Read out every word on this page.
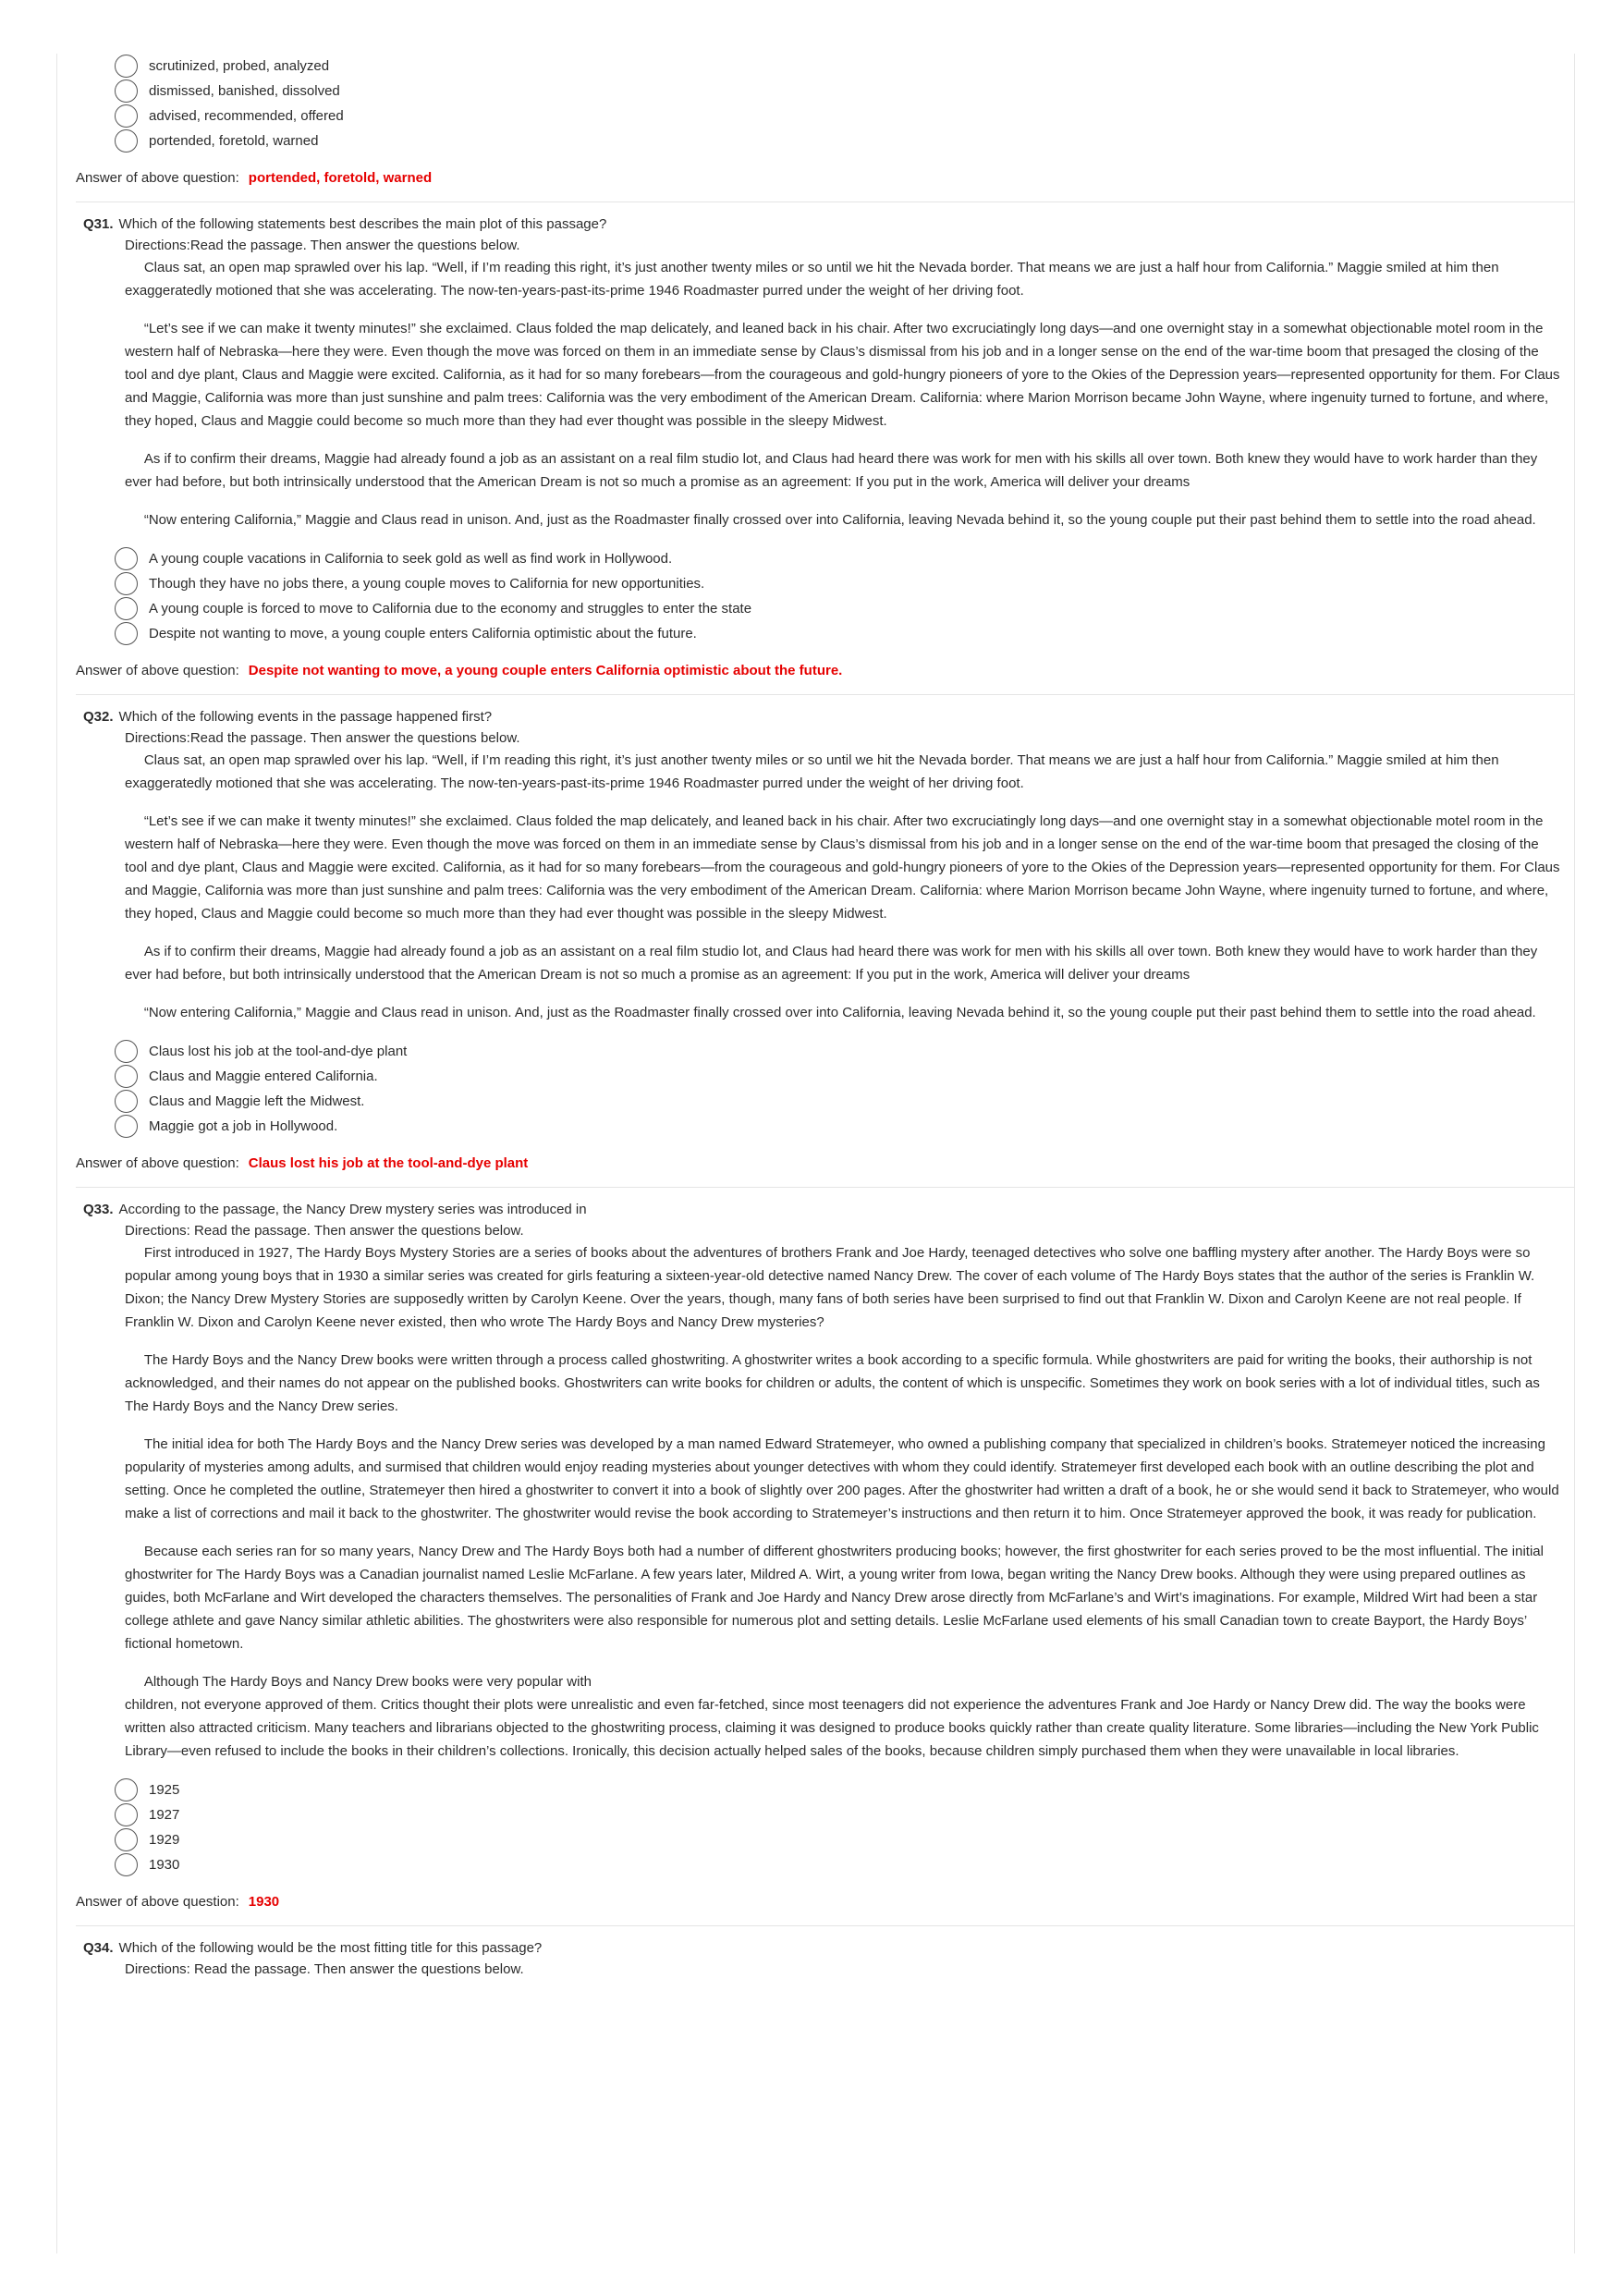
scrutinized, probed, analyzed
dismissed, banished, dissolved
advised, recommended, offered
portended, foretold, warned
Answer of above question: portended, foretold, warned
Q31. Which of the following statements best describes the main plot of this passage?
Directions:Read the passage. Then answer the questions below.
Claus sat, an open map sprawled over his lap. “Well, if I’m reading this right, it’s just another twenty miles or so until we hit the Nevada border. That means we are just a half hour from California.” Maggie smiled at him then exaggeratedly motioned that she was accelerating. The now-ten-years-past-its-prime 1946 Roadmaster purred under the weight of her driving foot.
“Let’s see if we can make it twenty minutes!” she exclaimed. Claus folded the map delicately, and leaned back in his chair. After two excruciatingly long days—and one overnight stay in a somewhat objectionable motel room in the western half of Nebraska—here they were. Even though the move was forced on them in an immediate sense by Claus’s dismissal from his job and in a longer sense on the end of the war-time boom that presaged the closing of the tool and dye plant, Claus and Maggie were excited. California, as it had for so many forebears—from the courageous and gold-hungry pioneers of yore to the Okies of the Depression years—represented opportunity for them. For Claus and Maggie, California was more than just sunshine and palm trees: California was the very embodiment of the American Dream. California: where Marion Morrison became John Wayne, where ingenuity turned to fortune, and where, they hoped, Claus and Maggie could become so much more than they had ever thought was possible in the sleepy Midwest.
As if to confirm their dreams, Maggie had already found a job as an assistant on a real film studio lot, and Claus had heard there was work for men with his skills all over town. Both knew they would have to work harder than they ever had before, but both intrinsically understood that the American Dream is not so much a promise as an agreement: If you put in the work, America will deliver your dreams
“Now entering California,” Maggie and Claus read in unison. And, just as the Roadmaster finally crossed over into California, leaving Nevada behind it, so the young couple put their past behind them to settle into the road ahead.
A young couple vacations in California to seek gold as well as find work in Hollywood.
Though they have no jobs there, a young couple moves to California for new opportunities.
A young couple is forced to move to California due to the economy and struggles to enter the state
Despite not wanting to move, a young couple enters California optimistic about the future.
Answer of above question: Despite not wanting to move, a young couple enters California optimistic about the future.
Q32. Which of the following events in the passage happened first?
Directions:Read the passage. Then answer the questions below.
Claus sat, an open map sprawled over his lap. “Well, if I’m reading this right, it’s just another twenty miles or so until we hit the Nevada border. That means we are just a half hour from California.” Maggie smiled at him then exaggeratedly motioned that she was accelerating. The now-ten-years-past-its-prime 1946 Roadmaster purred under the weight of her driving foot.
“Let’s see if we can make it twenty minutes!” she exclaimed. Claus folded the map delicately, and leaned back in his chair. After two excruciatingly long days—and one overnight stay in a somewhat objectionable motel room in the western half of Nebraska—here they were. Even though the move was forced on them in an immediate sense by Claus’s dismissal from his job and in a longer sense on the end of the war-time boom that presaged the closing of the tool and dye plant, Claus and Maggie were excited. California, as it had for so many forebears—from the courageous and gold-hungry pioneers of yore to the Okies of the Depression years—represented opportunity for them. For Claus and Maggie, California was more than just sunshine and palm trees: California was the very embodiment of the American Dream. California: where Marion Morrison became John Wayne, where ingenuity turned to fortune, and where, they hoped, Claus and Maggie could become so much more than they had ever thought was possible in the sleepy Midwest.
As if to confirm their dreams, Maggie had already found a job as an assistant on a real film studio lot, and Claus had heard there was work for men with his skills all over town. Both knew they would have to work harder than they ever had before, but both intrinsically understood that the American Dream is not so much a promise as an agreement: If you put in the work, America will deliver your dreams
“Now entering California,” Maggie and Claus read in unison. And, just as the Roadmaster finally crossed over into California, leaving Nevada behind it, so the young couple put their past behind them to settle into the road ahead.
Claus lost his job at the tool-and-dye plant
Claus and Maggie entered California.
Claus and Maggie left the Midwest.
Maggie got a job in Hollywood.
Answer of above question: Claus lost his job at the tool-and-dye plant
Q33. According to the passage, the Nancy Drew mystery series was introduced in
Directions: Read the passage. Then answer the questions below.
First introduced in 1927, The Hardy Boys Mystery Stories are a series of books about the adventures of brothers Frank and Joe Hardy, teenaged detectives who solve one baffling mystery after another. The Hardy Boys were so popular among young boys that in 1930 a similar series was created for girls featuring a sixteen-year-old detective named Nancy Drew. The cover of each volume of The Hardy Boys states that the author of the series is Franklin W. Dixon; the Nancy Drew Mystery Stories are supposedly written by Carolyn Keene. Over the years, though, many fans of both series have been surprised to find out that Franklin W. Dixon and Carolyn Keene are not real people. If Franklin W. Dixon and Carolyn Keene never existed, then who wrote The Hardy Boys and Nancy Drew mysteries?
The Hardy Boys and the Nancy Drew books were written through a process called ghostwriting. A ghostwriter writes a book according to a specific formula. While ghostwriters are paid for writing the books, their authorship is not acknowledged, and their names do not appear on the published books. Ghostwriters can write books for children or adults, the content of which is unspecific. Sometimes they work on book series with a lot of individual titles, such as The Hardy Boys and the Nancy Drew series.
The initial idea for both The Hardy Boys and the Nancy Drew series was developed by a man named Edward Stratemeyer, who owned a publishing company that specialized in children’s books. Stratemeyer noticed the increasing popularity of mysteries among adults, and surmised that children would enjoy reading mysteries about younger detectives with whom they could identify. Stratemeyer first developed each book with an outline describing the plot and setting. Once he completed the outline, Stratemeyer then hired a ghostwriter to convert it into a book of slightly over 200 pages. After the ghostwriter had written a draft of a book, he or she would send it back to Stratemeyer, who would make a list of corrections and mail it back to the ghostwriter. The ghostwriter would revise the book according to Stratemeyer’s instructions and then return it to him. Once Stratemeyer approved the book, it was ready for publication.
Because each series ran for so many years, Nancy Drew and The Hardy Boys both had a number of different ghostwriters producing books; however, the first ghostwriter for each series proved to be the most influential. The initial ghostwriter for The Hardy Boys was a Canadian journalist named Leslie McFarlane. A few years later, Mildred A. Wirt, a young writer from Iowa, began writing the Nancy Drew books. Although they were using prepared outlines as guides, both McFarlane and Wirt developed the characters themselves. The personalities of Frank and Joe Hardy and Nancy Drew arose directly from McFarlane’s and Wirt’s imaginations. For example, Mildred Wirt had been a star college athlete and gave Nancy similar athletic abilities. The ghostwriters were also responsible for numerous plot and setting details. Leslie McFarlane used elements of his small Canadian town to create Bayport, the Hardy Boys’ fictional hometown.
Although The Hardy Boys and Nancy Drew books were very popular with
children, not everyone approved of them. Critics thought their plots were unrealistic and even far-fetched, since most teenagers did not experience the adventures Frank and Joe Hardy or Nancy Drew did. The way the books were written also attracted criticism. Many teachers and librarians objected to the ghostwriting process, claiming it was designed to produce books quickly rather than create quality literature. Some libraries—including the New York Public Library—even refused to include the books in their children’s collections. Ironically, this decision actually helped sales of the books, because children simply purchased them when they were unavailable in local libraries.
1925
1927
1929
1930
Answer of above question: 1930
Q34. Which of the following would be the most fitting title for this passage?
Directions: Read the passage. Then answer the questions below.
